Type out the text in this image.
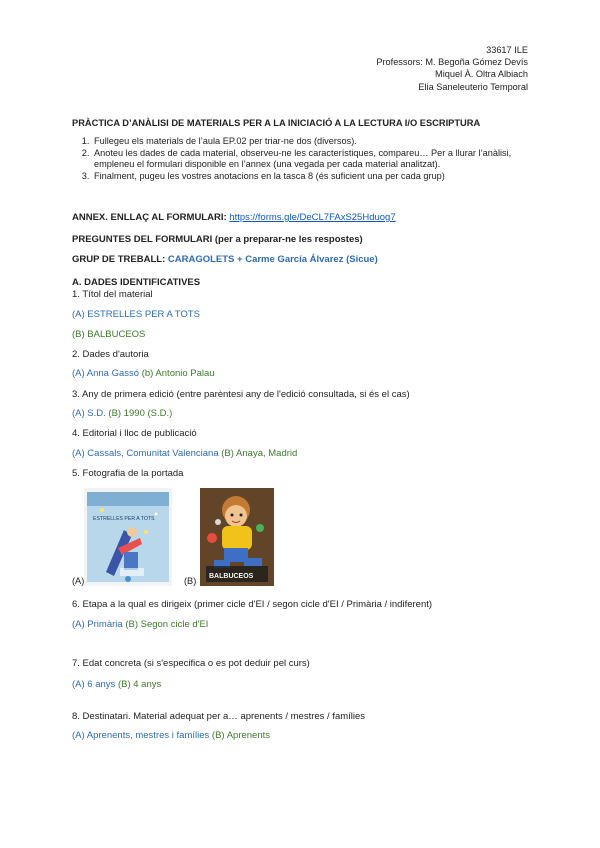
33617 ILE
Professors: M. Begoña Gómez Devís
Miquel À. Oltra Albiach
Elia Saneleuterio Temporal
PRÀCTICA D’ANÀLISI DE MATERIALS PER A LA INICIACIÓ A LA LECTURA I/O ESCRIPTURA
1. Fullegeu els materials de l’aula EP.02 per triar-ne dos (diversos).
2. Anoteu les dades de cada material, observeu-ne les característiques, compareu… Per a llurar l’anàlisi, empleneu el formulari disponible en l’annex (una vegada per cada material analitzat).
3. Finalment, pugeu les vostres anotacions en la tasca 8 (és suficient una per cada grup)
ANNEX. ENLLAÇ AL FORMULARI: https://forms.gle/DeCL7FAxS25Hduog7
PREGUNTES DEL FORMULARI (per a preparar-ne les respostes)
GRUP DE TREBALL: CARAGOLETS + Carme García Álvarez (Sicue)
A. DADES IDENTIFICATIVES
1. Títol del material
(A) ESTRELLES PER A TOTS
(B) BALBUCEOS
2. Dades d'autoria
(A) Anna Gassó (b) Antonio Palau
3. Any de primera edició (entre parèntesi any de l'edició consultada, si és el cas)
(A) S.D. (B) 1990 (S.D.)
4. Editorial i lloc de publicació
(A) Cassals, Comunitat Valenciana (B) Anaya, Madrid
5. Fotografia de la portada
(A)
ESTRELLES PER A TOTS
(B) BALBUCEOS
6. Etapa a la qual es dirigeix (primer cicle d'EI / segon cicle d'EI / Primària / indiferent)
(A) Primària (B) Segon cicle d'EI
7. Edat concreta (si s'especifica o es pot deduir pel curs)
(A) 6 anys (B) 4 anys
8. Destinatari. Material adequat per a… aprenents / mestres / famílies
(A) Aprenents, mestres i famílies (B) Aprenents
